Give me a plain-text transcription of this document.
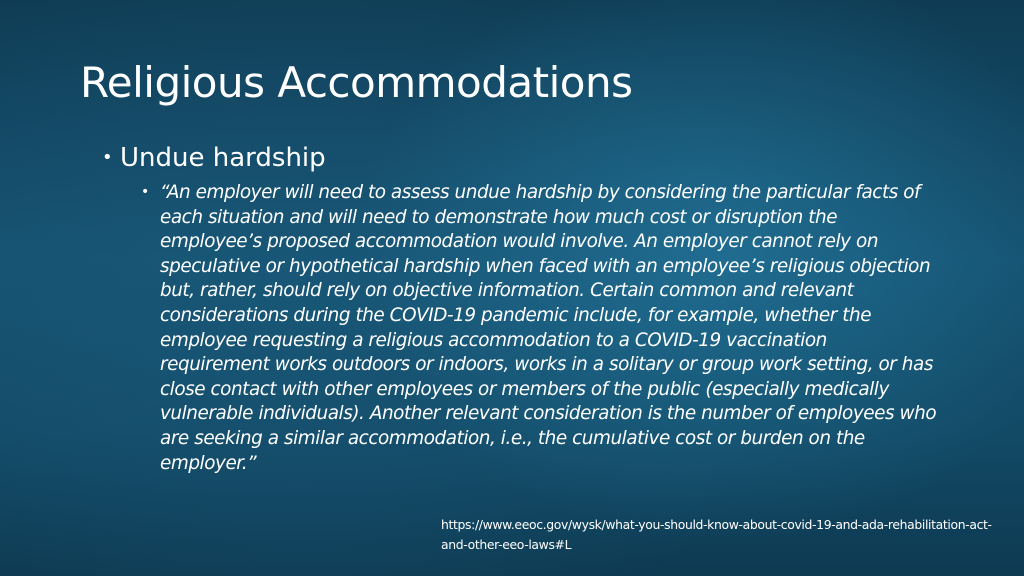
Religious Accommodations
• Undue hardship
• “An employer will need to assess undue hardship by considering the particular facts of each situation and will need to demonstrate how much cost or disruption the employee’s proposed accommodation would involve. An employer cannot rely on speculative or hypothetical hardship when faced with an employee’s religious objection but, rather, should rely on objective information. Certain common and relevant considerations during the COVID-19 pandemic include, for example, whether the employee requesting a religious accommodation to a COVID-19 vaccination requirement works outdoors or indoors, works in a solitary or group work setting, or has close contact with other employees or members of the public (especially medically vulnerable individuals). Another relevant consideration is the number of employees who are seeking a similar accommodation, i.e., the cumulative cost or burden on the employer.”

https://www.eeoc.gov/wysk/what-you-should-know-about-covid-19-and-ada-rehabilitation-act-and-other-eeo-laws#L
